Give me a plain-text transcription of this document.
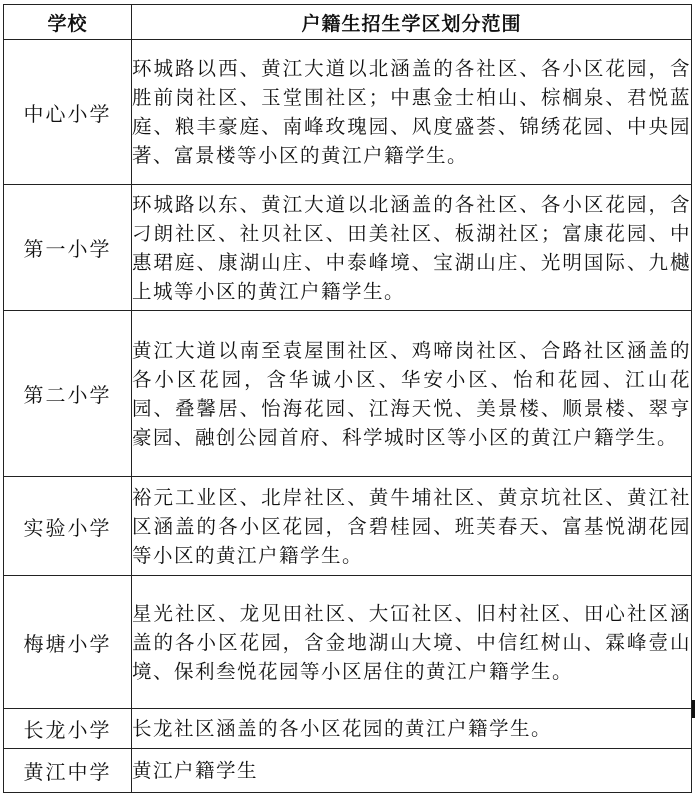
学校	户籍生招生学区划分范围
中心小学	环城路以西、黄江大道以北涵盖的各社区、各小区花园，含胜前岗社区、玉堂围社区；中惠金士柏山、棕榈泉、君悦蓝庭、粮丰豪庭、南峰玫瑰园、风度盛荟、锦绣花园、中央园著、富景楼等小区的黄江户籍学生。
第一小学	环城路以东、黄江大道以北涵盖的各社区、各小区花园，含刁朗社区、社贝社区、田美社区、板湖社区；富康花园、中惠珺庭、康湖山庄、中泰峰境、宝湖山庄、光明国际、九樾上城等小区的黄江户籍学生。
第二小学	黄江大道以南至袁屋围社区、鸡啼岗社区、合路社区涵盖的各小区花园，含华诚小区、华安小区、怡和花园、江山花园、叠馨居、怡海花园、江海天悦、美景楼、顺景楼、翠亨豪园、融创公园首府、科学城时区等小区的黄江户籍学生。
实验小学	裕元工业区、北岸社区、黄牛埔社区、黄京坑社区、黄江社区涵盖的各小区花园，含碧桂园、班芙春天、富基悦湖花园等小区的黄江户籍学生。
梅塘小学	星光社区、龙见田社区、大冚社区、旧村社区、田心社区涵盖的各小区花园，含金地湖山大境、中信红树山、霖峰壹山境、保利叁悦花园等小区居住的黄江户籍学生。
长龙小学	长龙社区涵盖的各小区花园的黄江户籍学生。
黄江中学	黄江户籍学生
